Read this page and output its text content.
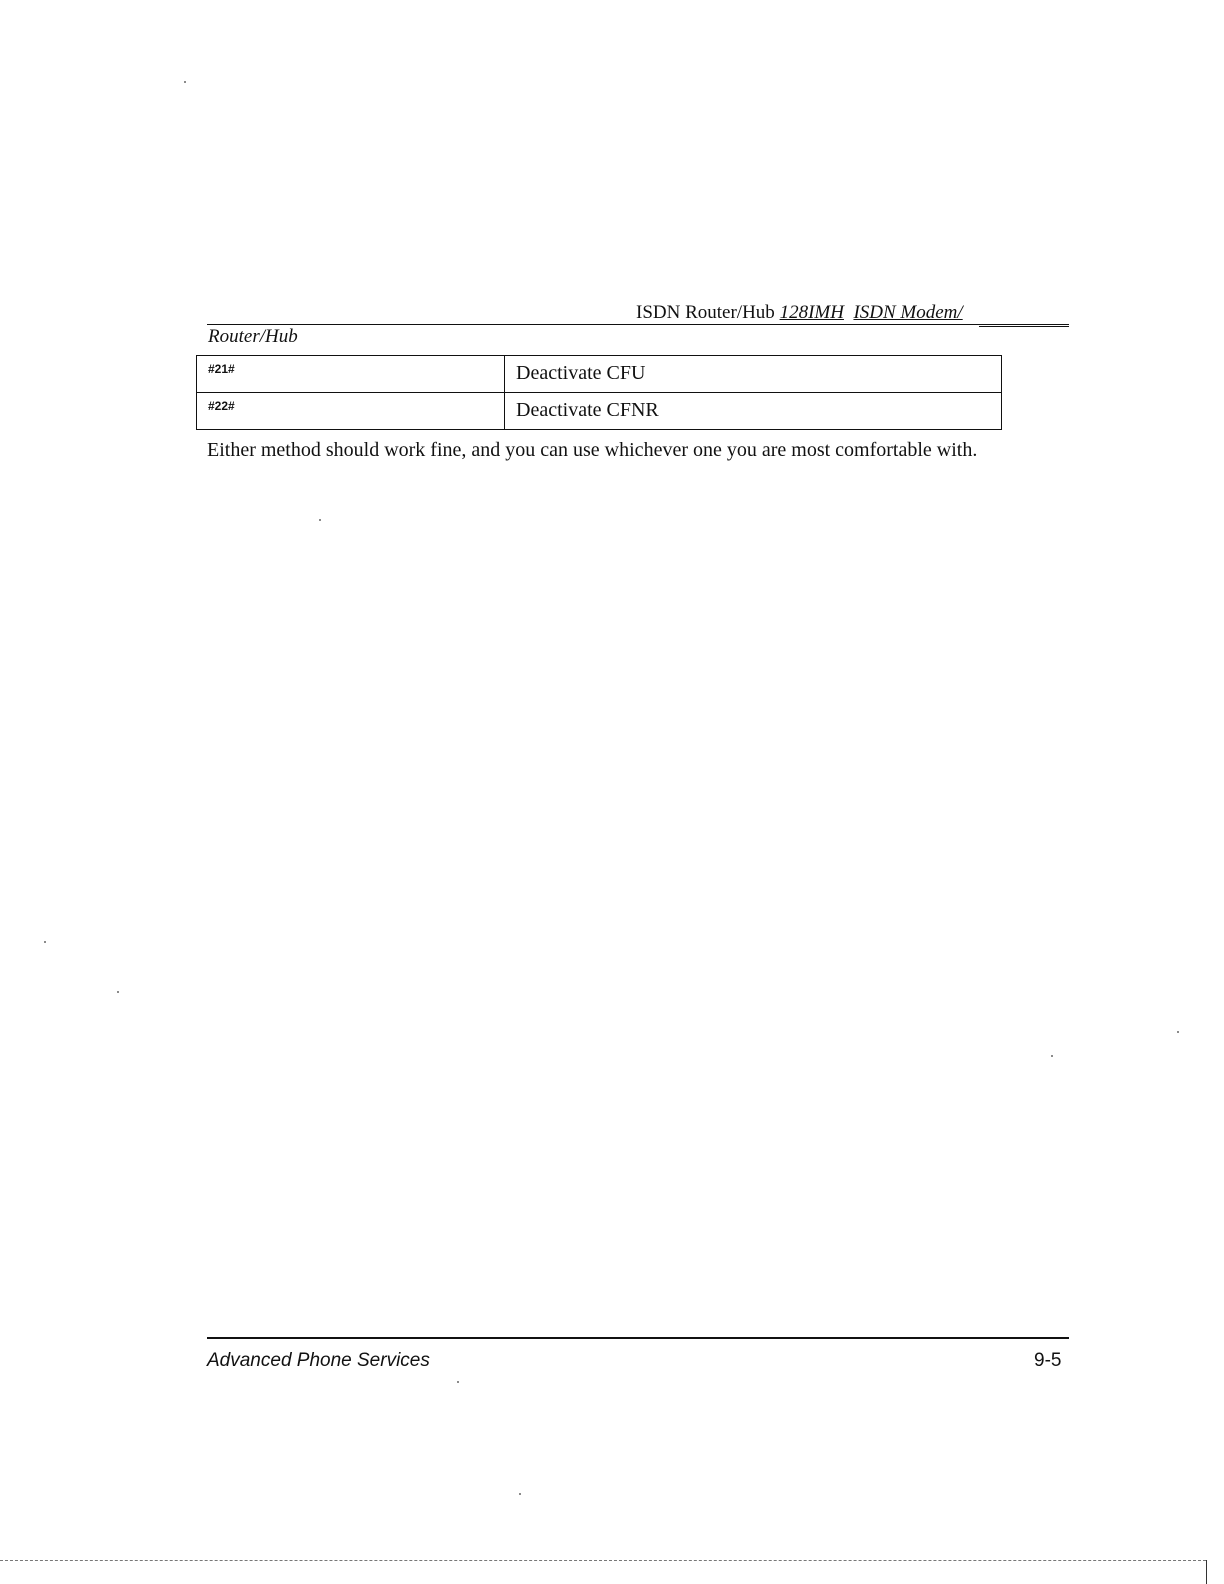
ISDN Router/Hub 128IMH ISDN Modem/
Router/Hub
#21#	Deactivate CFU
#22#	Deactivate CFNR
Either method should work fine, and you can use whichever one you are most comfortable with.
Advanced Phone Services	9-5
